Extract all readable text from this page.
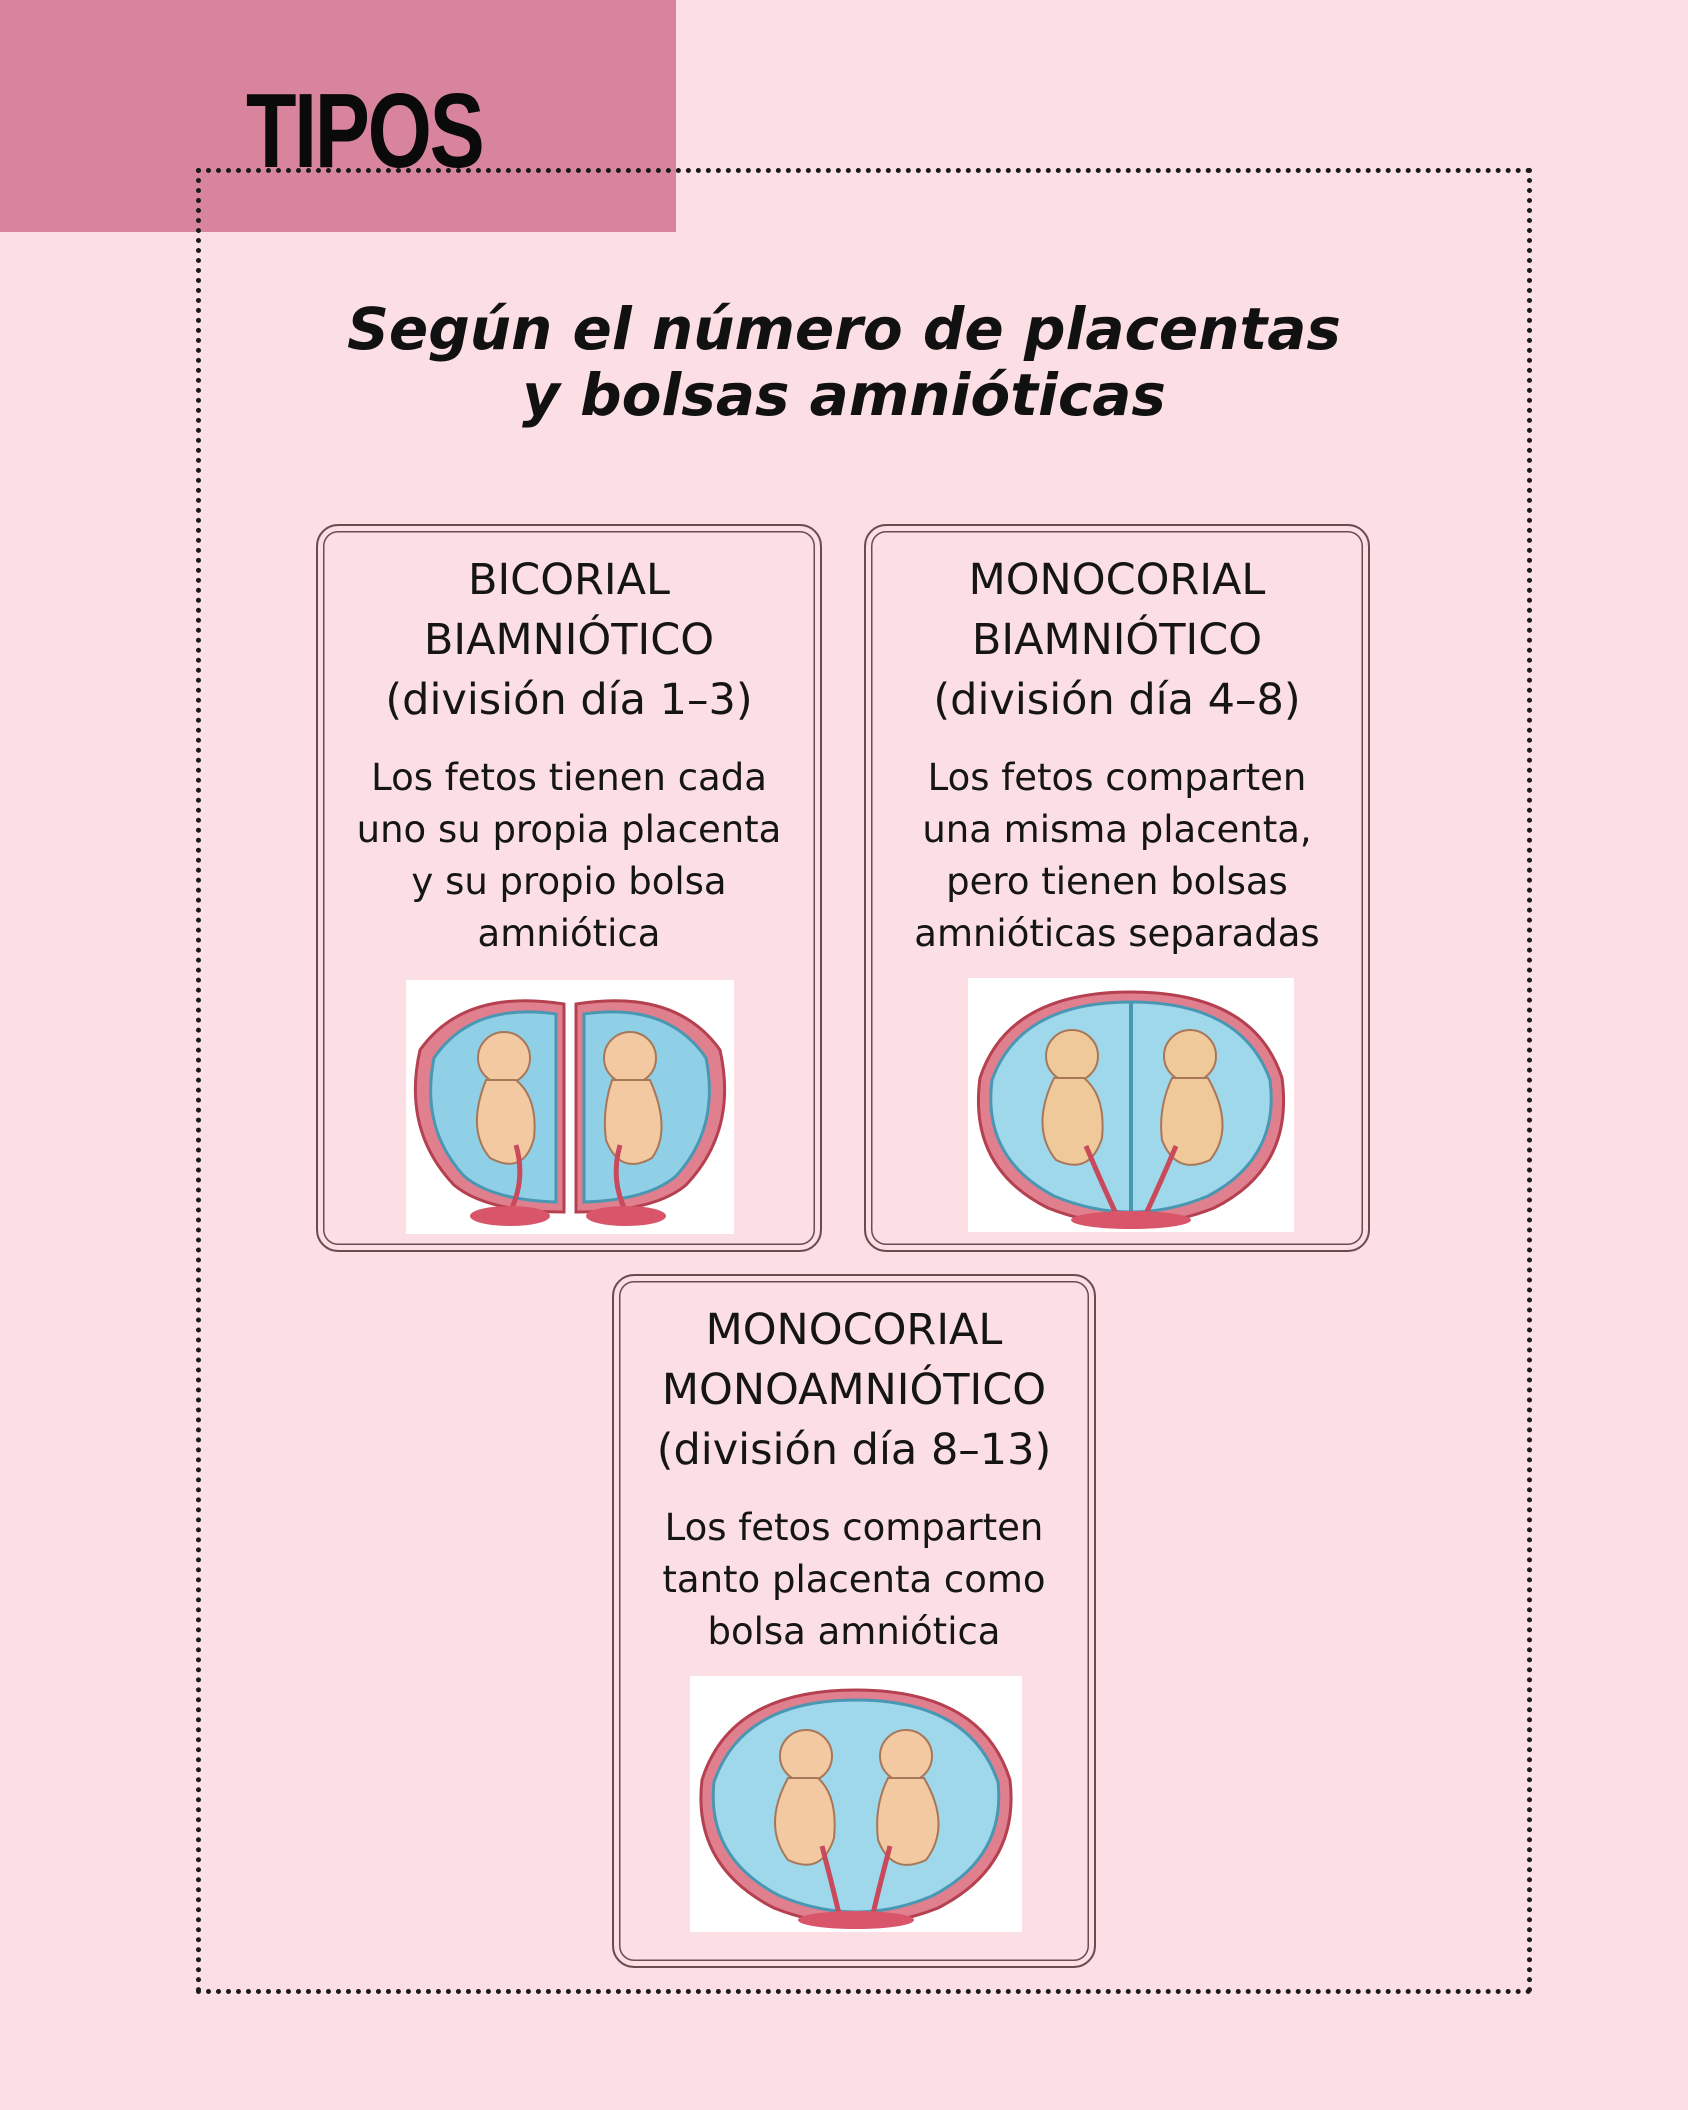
TIPOS
Según el número de placentas
y bolsas amnióticas
BICORIAL
BIAMNIÓTICO
(división día 1–3)
Los fetos tienen cada
uno su propia placenta
y su propio bolsa
amniótica
MONOCORIAL
BIAMNIÓTICO
(división día 4–8)
Los fetos comparten
una misma placenta,
pero tienen bolsas
amnióticas separadas
MONOCORIAL
MONOAMNIÓTICO
(división día 8–13)
Los fetos comparten
tanto placenta como
bolsa amniótica
